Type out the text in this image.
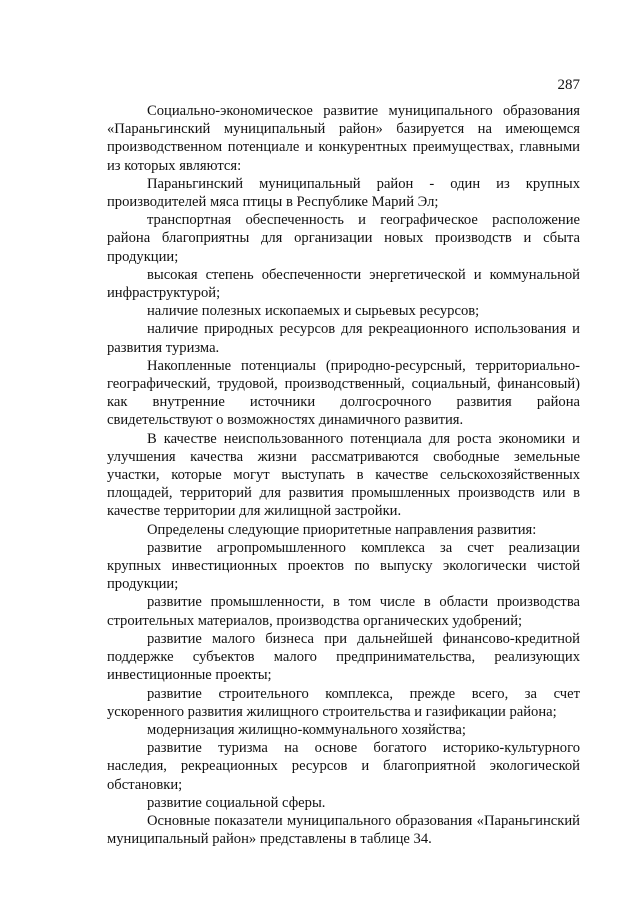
287

Социально-экономическое развитие муниципального образования «Параньгинский муниципальный район» базируется на имеющемся производственном потенциале и конкурентных преимуществах, главными из которых являются:

Параньгинский муниципальный район - один из крупных производителей мяса птицы в Республике Марий Эл;

транспортная обеспеченность и географическое расположение района благоприятны для организации новых производств и сбыта продукции;

высокая степень обеспеченности энергетической и коммунальной инфраструктурой;

наличие полезных ископаемых и сырьевых ресурсов;

наличие природных ресурсов для рекреационного использования и развития туризма.

Накопленные потенциалы (природно-ресурсный, территориально-географический, трудовой, производственный, социальный, финансовый) как внутренние источники долгосрочного развития района свидетельствуют о возможностях динамичного развития.

В качестве неиспользованного потенциала для роста экономики и улучшения качества жизни рассматриваются свободные земельные участки, которые могут выступать в качестве сельскохозяйственных площадей, территорий для развития промышленных производств или в качестве территории для жилищной застройки.

Определены следующие приоритетные направления развития:

развитие агропромышленного комплекса за счет реализации крупных инвестиционных проектов по выпуску экологически чистой продукции;

развитие промышленности, в том числе в области производства строительных материалов, производства органических удобрений;

развитие малого бизнеса при дальнейшей финансово-кредитной поддержке субъектов малого предпринимательства, реализующих инвестиционные проекты;

развитие строительного комплекса, прежде всего, за счет ускоренного развития жилищного строительства и газификации района;

модернизация жилищно-коммунального хозяйства;

развитие туризма на основе богатого историко-культурного наследия, рекреационных ресурсов и благоприятной экологической обстановки;

развитие социальной сферы.

Основные показатели муниципального образования «Параньгинский муниципальный район» представлены в таблице 34.
